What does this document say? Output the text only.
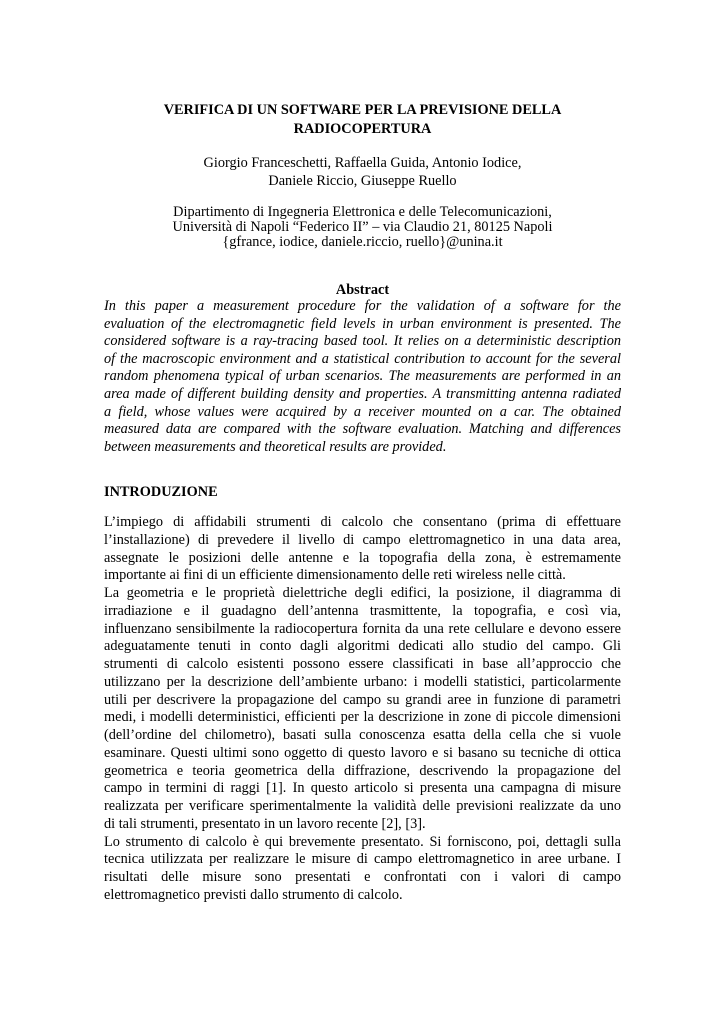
VERIFICA DI UN SOFTWARE PER LA PREVISIONE DELLA
RADIOCOPERTURA
Giorgio Franceschetti, Raffaella Guida, Antonio Iodice,
Daniele Riccio, Giuseppe Ruello
Dipartimento di Ingegneria Elettronica e delle Telecomunicazioni,
Università di Napoli “Federico II” – via Claudio 21, 80125 Napoli
{gfrance, iodice, daniele.riccio, ruello}@unina.it
Abstract
In this paper a measurement procedure for the validation of a software for the
evaluation of the electromagnetic field levels in urban environment is presented. The
considered software is a ray-tracing based tool. It relies on a deterministic description
of the macroscopic environment and a statistical contribution to account for the several
random phenomena typical of urban scenarios. The measurements are performed in an
area made of different building density and properties. A transmitting antenna radiated
a field, whose values were acquired by a receiver mounted on a car. The obtained
measured data are compared with the software evaluation. Matching and differences
between measurements and theoretical results are provided.
INTRODUZIONE
L’impiego di affidabili strumenti di calcolo che consentano (prima di effettuare
l’installazione) di prevedere il livello di campo elettromagnetico in una data area,
assegnate le posizioni delle antenne e la topografia della zona, è estremamente
importante ai fini di un efficiente dimensionamento delle reti wireless nelle città.
La geometria e le proprietà dielettriche degli edifici, la posizione, il diagramma di
irradiazione e il guadagno dell’antenna trasmittente, la topografia, e così via,
influenzano sensibilmente la radiocopertura fornita da una rete cellulare e devono essere
adeguatamente tenuti in conto dagli algoritmi dedicati allo studio del campo. Gli
strumenti di calcolo esistenti possono essere classificati in base all’approccio che
utilizzano per la descrizione dell’ambiente urbano: i modelli statistici, particolarmente
utili per descrivere la propagazione del campo su grandi aree in funzione di parametri
medi, i modelli deterministici, efficienti per la descrizione in zone di piccole dimensioni
(dell’ordine del chilometro), basati sulla conoscenza esatta della cella che si vuole
esaminare. Questi ultimi sono oggetto di questo lavoro e si basano su tecniche di ottica
geometrica e teoria geometrica della diffrazione, descrivendo la propagazione del
campo in termini di raggi [1]. In questo articolo si presenta una campagna di misure
realizzata per verificare sperimentalmente la validità delle previsioni realizzate da uno
di tali strumenti, presentato in un lavoro recente [2], [3].
Lo strumento di calcolo è qui brevemente presentato. Si forniscono, poi, dettagli sulla
tecnica utilizzata per realizzare le misure di campo elettromagnetico in aree urbane. I
risultati delle misure sono presentati e confrontati con i valori di campo
elettromagnetico previsti dallo strumento di calcolo.
